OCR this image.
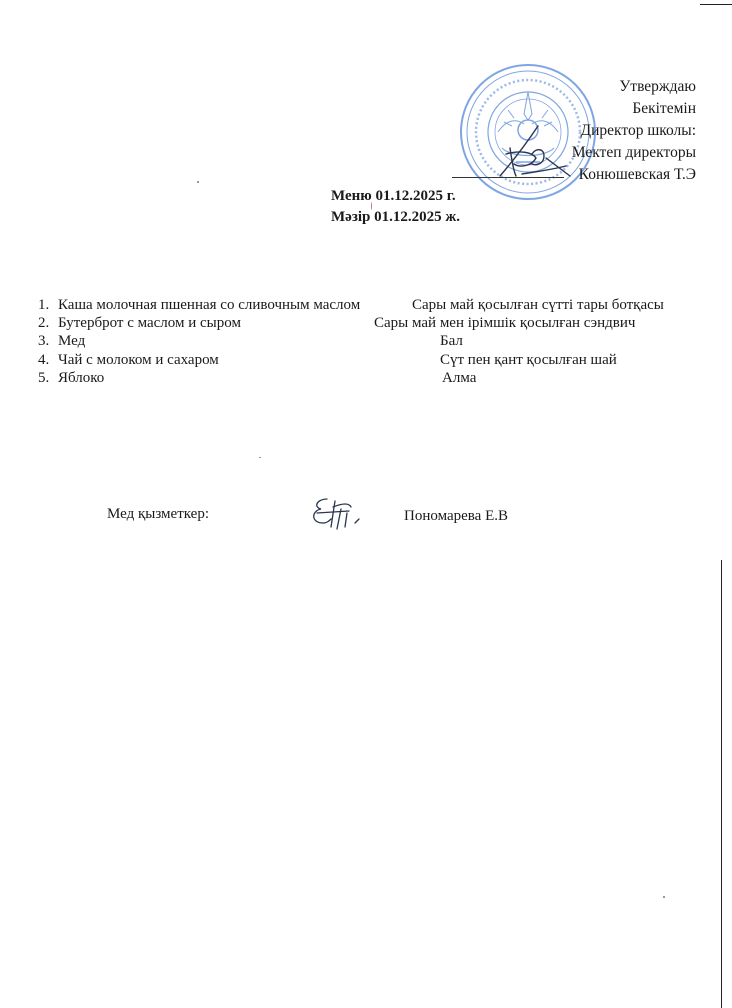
Утверждаю
Бекітемін
Директор школы:
Мектеп директоры
Конюшевская Т.Э
Меню 01.12.2025 г.
Мәзір 01.12.2025 ж.
1. Каша молочная пшенная со сливочным маслом
2. Бутерброт с маслом и сыром
3. Мед
4. Чай с молоком и сахаром
5. Яблоко
Сары май қосылған сүтті тары ботқасы
Сары май мен ірімшік қосылған сэндвич
Бал
Сүт пен қант қосылған шай
Алма
Мед қызметкер:	Пономарева Е.В
